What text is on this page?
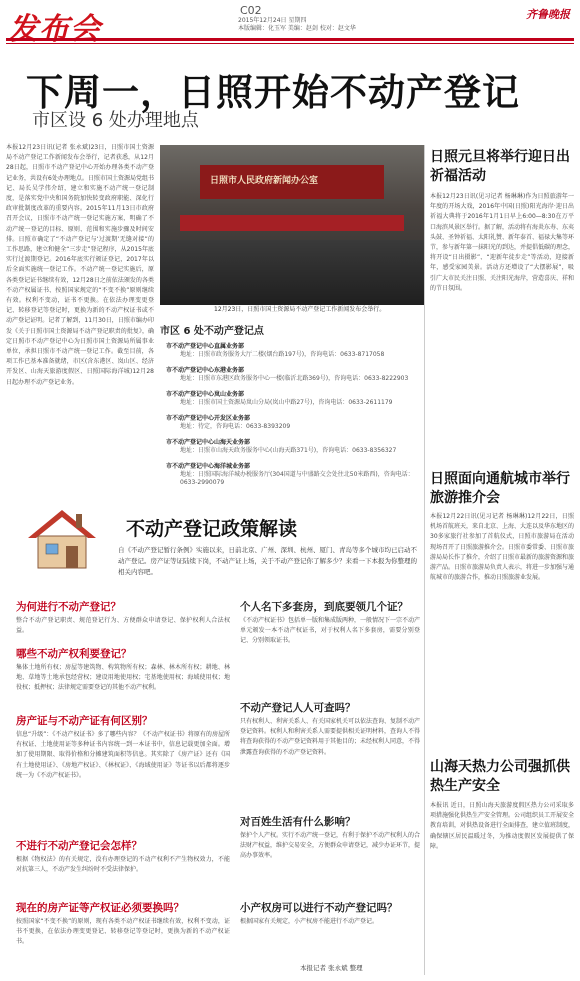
发布会
C02
2015年12月24日 星期四
本版编辑：化玉军 美编：赵剑 校对：赵文华
齐鲁晚报
下周一，日照开始不动产登记
市区设 6 处办理地点
本报12月23日讯(记者 张永斌)23日，日照市国土资源局不动产登记工作新闻发布会举行，记者获悉，从12月28日起，日照市不动产登记中心开始办理各类不动产登记业务，共设有6处办理地点。日照市国土资源局党组书记、局长吴学伟介绍，建立和实施不动产统一登记制度，是落实党中央和国务院加快转变政府职能、深化行政审批制度改革的重要内容。2015年11月13日市政府召开会议，日照市不动产统一登记实施方案，明确了不动产统一登记的目标、原则、范围和实施步骤及时间安排。日照市确定了“不动产登记与‘过渡期’无缝对接”的工作思路，建立和健全“三步走”登记程序，从2015年底实行过渡期登记。2016年底实行颁证登记，2017年以后全面实施统一登记工作。不动产统一登记实施后，原各类登记证书继续有效，12月28日之前依法颁发的各类不动产权属证书、按照国家规定的“不变不换”原则继续有效。权利不变动，证书不更换。在依法办理变更登记、转移登记等登记时，更换为新的不动产权证书或不动产登记证明。记者了解到，11月30日，日照市编办印发《关于日照市国土资源局不动产登记职责的批复》，确定日照市不动产登记中心为日照市国土资源局所属事业单位，承担日照市不动产统一登记工作。截至目前，各项工作已基本准备就绪，市区(含东港区、岚山区、经济开发区、山海天旅游度假区、日照国际海洋城)12月28日起办理不动产登记业务。
日照市人民政府新闻办公室
12月23日，日照市国土资源局不动产登记工作新闻发布会举行。
市区 6 处不动产登记点
市不动产登记中心直属业务部
地址：日照市政务服务大厅二楼(烟台路197号)，咨询电话：0633-8717058
市不动产登记中心东港业务部
地址：日照市东港区政务服务中心一楼(临沂北路369号)，咨询电话：0633-8222903
市不动产登记中心岚山业务部
地址：日照市国土资源局岚山分局(岚山中路27号)，咨询电话：0633-2611179
市不动产登记中心开发区业务部
地址：待定，咨询电话：0633-8393209
市不动产登记中心山海天业务部
地址：日照市山海天政务服务中心(山海天路371号)，咨询电话：0633-8356327
市不动产登记中心海洋城业务部
地址：日照国际海洋城办税服务厅(304国道与中盛路交会处往北50米路西)，咨询电话：0633-2990079
日照元旦将举行迎日出祈福活动
本报12月23日讯(见习记者 杨琳琳)作为日照旅游年一年度的开场大戏，2016年中国(日照)阳光海岸·迎日出祈福大典将于2016年1月1日早上6:00—8:30在万平口海滨风景区举行。据了解，活动将有海炎东寿、东夷头鼓、圣钟祈福、太阳礼赞、新年泰首、福禄大集等环节，参与新年第一抹阳光的到达，并提倡低碳的理念，将开设“日出摄影”、“迎新年徒步走”等活动，迎接新年，感受家园美景。活动方还增设了“大摆影展”，吸引广大市民关注日照、关注阳光海岸，营造喜庆、祥和的节日氛围。
日照面向通航城市举行旅游推介会
本报12月22日讯(见习记者 杨琳琳)12月22日，日照机场首航班天，来自北京、上海、大连以及华东地区的30多家旅行社参加了首航仪式，日照市旅游局在活动现场召开了日照旅游推介会。日照市委常委、日照市旅游局局长作了推介，介绍了日照市最新的旅游资源和旅游产品。日照市旅游局负责人表示，将进一步加强与通航城市的旅游合作，推动日照旅游业发展。
山海天热力公司强抓供热生产安全
本报讯 近日，日照山海天旅游度假区热力公司采取多项措施强化供热生产安全管理。公司组织员工开展安全教育培训，对供热设备进行全面排查，建立值班制度，确保辖区居民温暖过冬，为推动度假区发展提供了保障。
不动产登记政策解读
自《不动产登记暂行条例》实施以来，日前北京、广州、深圳、杭州、厦门、青岛等多个城市均已启动不动产登记。房产证等证陆续下岗，不动产证上场，关于不动产登记你了解多少？来看一下本报为你整理的相关内容吧。
为何进行不动产登记？
整合不动产登记职责、规范登记行为、方便群众申请登记、保护权利人合法权益。
哪些不动产权利要登记？
集体土地所有权；房屋等建筑物、构筑物所有权；森林、林木所有权；耕地、林地、草地等土地承包经营权；建设用地使用权；宅基地使用权；海域使用权；地役权；抵押权；法律规定需要登记的其他不动产权利。
房产证与不动产证有何区别？
信息“升级”：《不动产权证书》多了哪些内容？《不动产权证书》将原有的房屋所有权证、土地使用证等多种证书内容统一到一本证书中，信息记载更加全面。增加了使用期限、取得价格和分摊建筑面积等信息。其实除了《房产证》还有《国有土地使用证》、《房地产权证》、《林权证》、《海域使用证》等证书以后都将逐步统一为《不动产权证书》。
不进行不动产登记会怎样？
根据《物权法》的有关规定，没有办理登记的不动产权利不产生物权效力，不能对抗第三人，不动产发生纠纷时不受法律保护。
现在的房产证等产权证必须要换吗？
按照国家“不变不换”的原则，现有各类不动产权证书继续有效，权利不变动，证书不更换，在依法办理变更登记、转移登记等登记时，更换为新的不动产权证书。
个人名下多套房，到底要领几个证？
《不动产权证书》包括单一版和集成版两种，一般情况下一宗不动产单元颁发一本不动产权证书，对于权利人名下多套房，需要分别登记、分别领取证书。
不动产登记人人可查吗？
只有权利人、利害关系人、有关国家机关可以依法查询、复制不动产登记资料。权利人和利害关系人需要提供相关证明材料，查询人不得将查询获得的不动产登记资料用于其他目的；未经权利人同意，不得泄露查询获得的不动产登记资料。
对百姓生活有什么影响？
保护个人产权。实行不动产统一登记，有利于保护不动产权利人的合法财产权益，维护交易安全，方便群众申请登记，减少办证环节，提高办事效率。
小产权房可以进行不动产登记吗？
根据国家有关规定，小产权房不能进行不动产登记。
本报记者 张永斌 整理
